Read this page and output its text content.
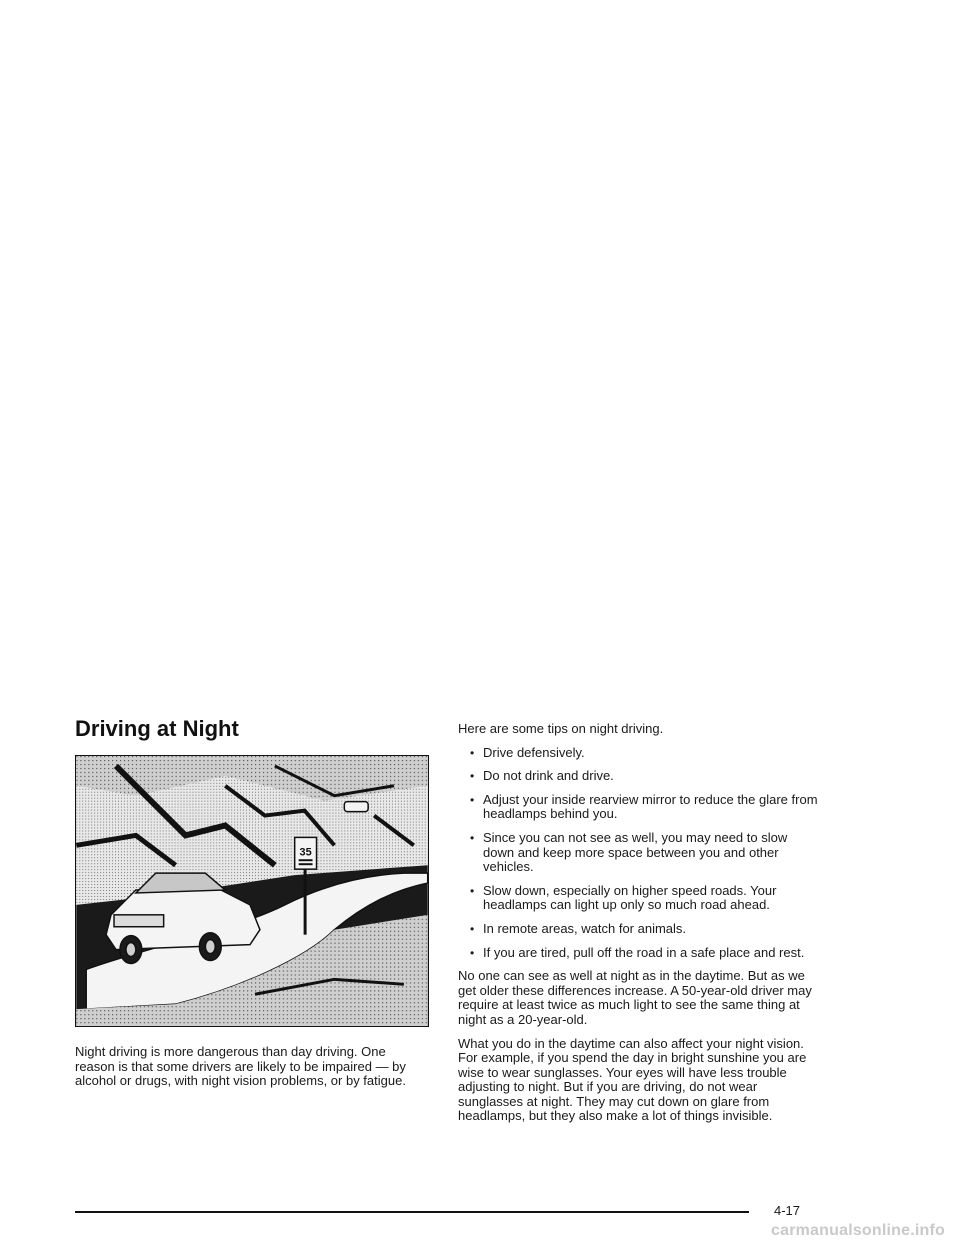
Driving at Night
35

Night driving is more dangerous than day driving. One reason is that some drivers are likely to be impaired — by alcohol or drugs, with night vision problems, or by fatigue.

Here are some tips on night driving.

• Drive defensively.
• Do not drink and drive.
• Adjust your inside rearview mirror to reduce the glare from headlamps behind you.
• Since you can not see as well, you may need to slow down and keep more space between you and other vehicles.
• Slow down, especially on higher speed roads. Your headlamps can light up only so much road ahead.
• In remote areas, watch for animals.
• If you are tired, pull off the road in a safe place and rest.

No one can see as well at night as in the daytime. But as we get older these differences increase. A 50-year-old driver may require at least twice as much light to see the same thing at night as a 20-year-old.

What you do in the daytime can also affect your night vision. For example, if you spend the day in bright sunshine you are wise to wear sunglasses. Your eyes will have less trouble adjusting to night. But if you are driving, do not wear sunglasses at night. They may cut down on glare from headlamps, but they also make a lot of things invisible.

4-17
carmanualsonline.info
